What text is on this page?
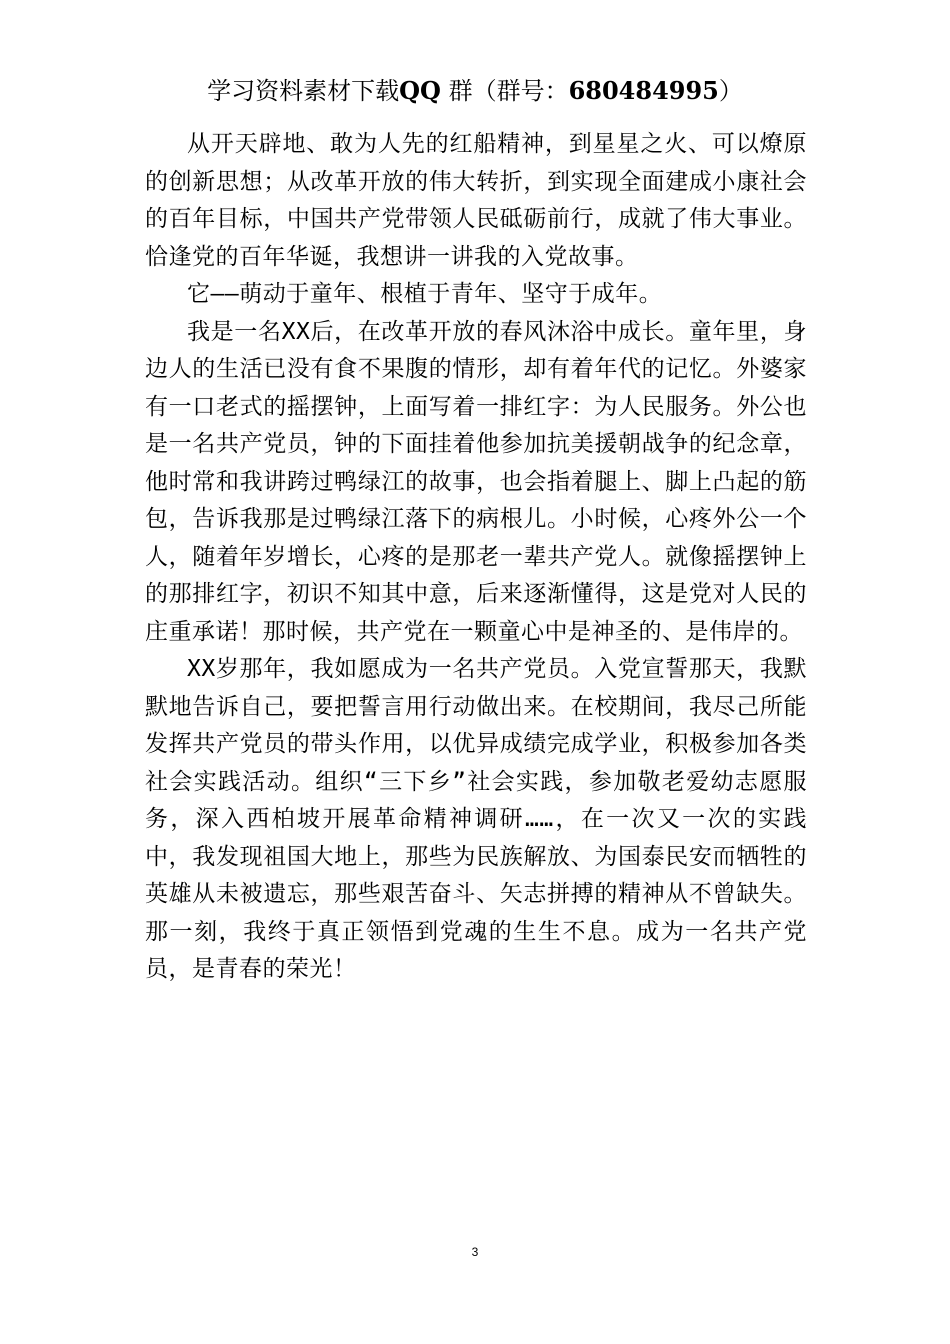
学习资料素材下载QQ 群（群号：680484995）

从开天辟地、敢为人先的红船精神，到星星之火、可以燎原的创新思想；从改革开放的伟大转折，到实现全面建成小康社会的百年目标，中国共产党带领人民砥砺前行，成就了伟大事业。恰逢党的百年华诞，我想讲一讲我的入党故事。

它——萌动于童年、根植于青年、坚守于成年。

我是一名XX后，在改革开放的春风沐浴中成长。童年里，身边人的生活已没有食不果腹的情形，却有着年代的记忆。外婆家有一口老式的摇摆钟，上面写着一排红字：为人民服务。外公也是一名共产党员，钟的下面挂着他参加抗美援朝战争的纪念章，他时常和我讲跨过鸭绿江的故事，也会指着腿上、脚上凸起的筋包，告诉我那是过鸭绿江落下的病根儿。小时候，心疼外公一个人，随着年岁增长，心疼的是那老一辈共产党人。就像摇摆钟上的那排红字，初识不知其中意，后来逐渐懂得，这是党对人民的庄重承诺！那时候，共产党在一颗童心中是神圣的、是伟岸的。

XX岁那年，我如愿成为一名共产党员。入党宣誓那天，我默默地告诉自己，要把誓言用行动做出来。在校期间，我尽己所能发挥共产党员的带头作用，以优异成绩完成学业，积极参加各类社会实践活动。组织“三下乡”社会实践，参加敬老爱幼志愿服务，深入西柏坡开展革命精神调研……，在一次又一次的实践中，我发现祖国大地上，那些为民族解放、为国泰民安而牺牲的英雄从未被遗忘，那些艰苦奋斗、矢志拼搏的精神从不曾缺失。那一刻，我终于真正领悟到党魂的生生不息。成为一名共产党员，是青春的荣光！

3
